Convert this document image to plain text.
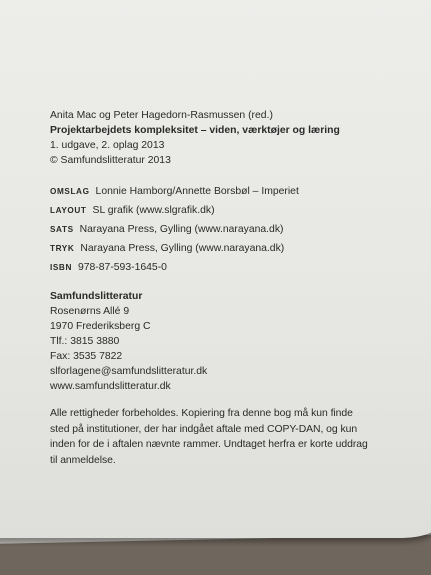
Anita Mac og Peter Hagedorn-Rasmussen (red.)
Projektarbejdets kompleksitet – viden, værktøjer og læring
1. udgave, 2. oplag 2013
© Samfundslitteratur 2013
OMSLAG Lonnie Hamborg/Annette Borsbøl – Imperiet
LAYOUT SL grafik (www.slgrafik.dk)
SATS Narayana Press, Gylling (www.narayana.dk)
TRYK Narayana Press, Gylling (www.narayana.dk)
ISBN 978-87-593-1645-0
Samfundslitteratur
Rosenørns Allé 9
1970 Frederiksberg C
Tlf.: 3815 3880
Fax: 3535 7822
slforlagene@samfundslitteratur.dk
www.samfundslitteratur.dk
Alle rettigheder forbeholdes. Kopiering fra denne bog må kun finde
sted på institutioner, der har indgået aftale med COPY-DAN, og kun
inden for de i aftalen nævnte rammer. Undtaget herfra er korte uddrag
til anmeldelse.
